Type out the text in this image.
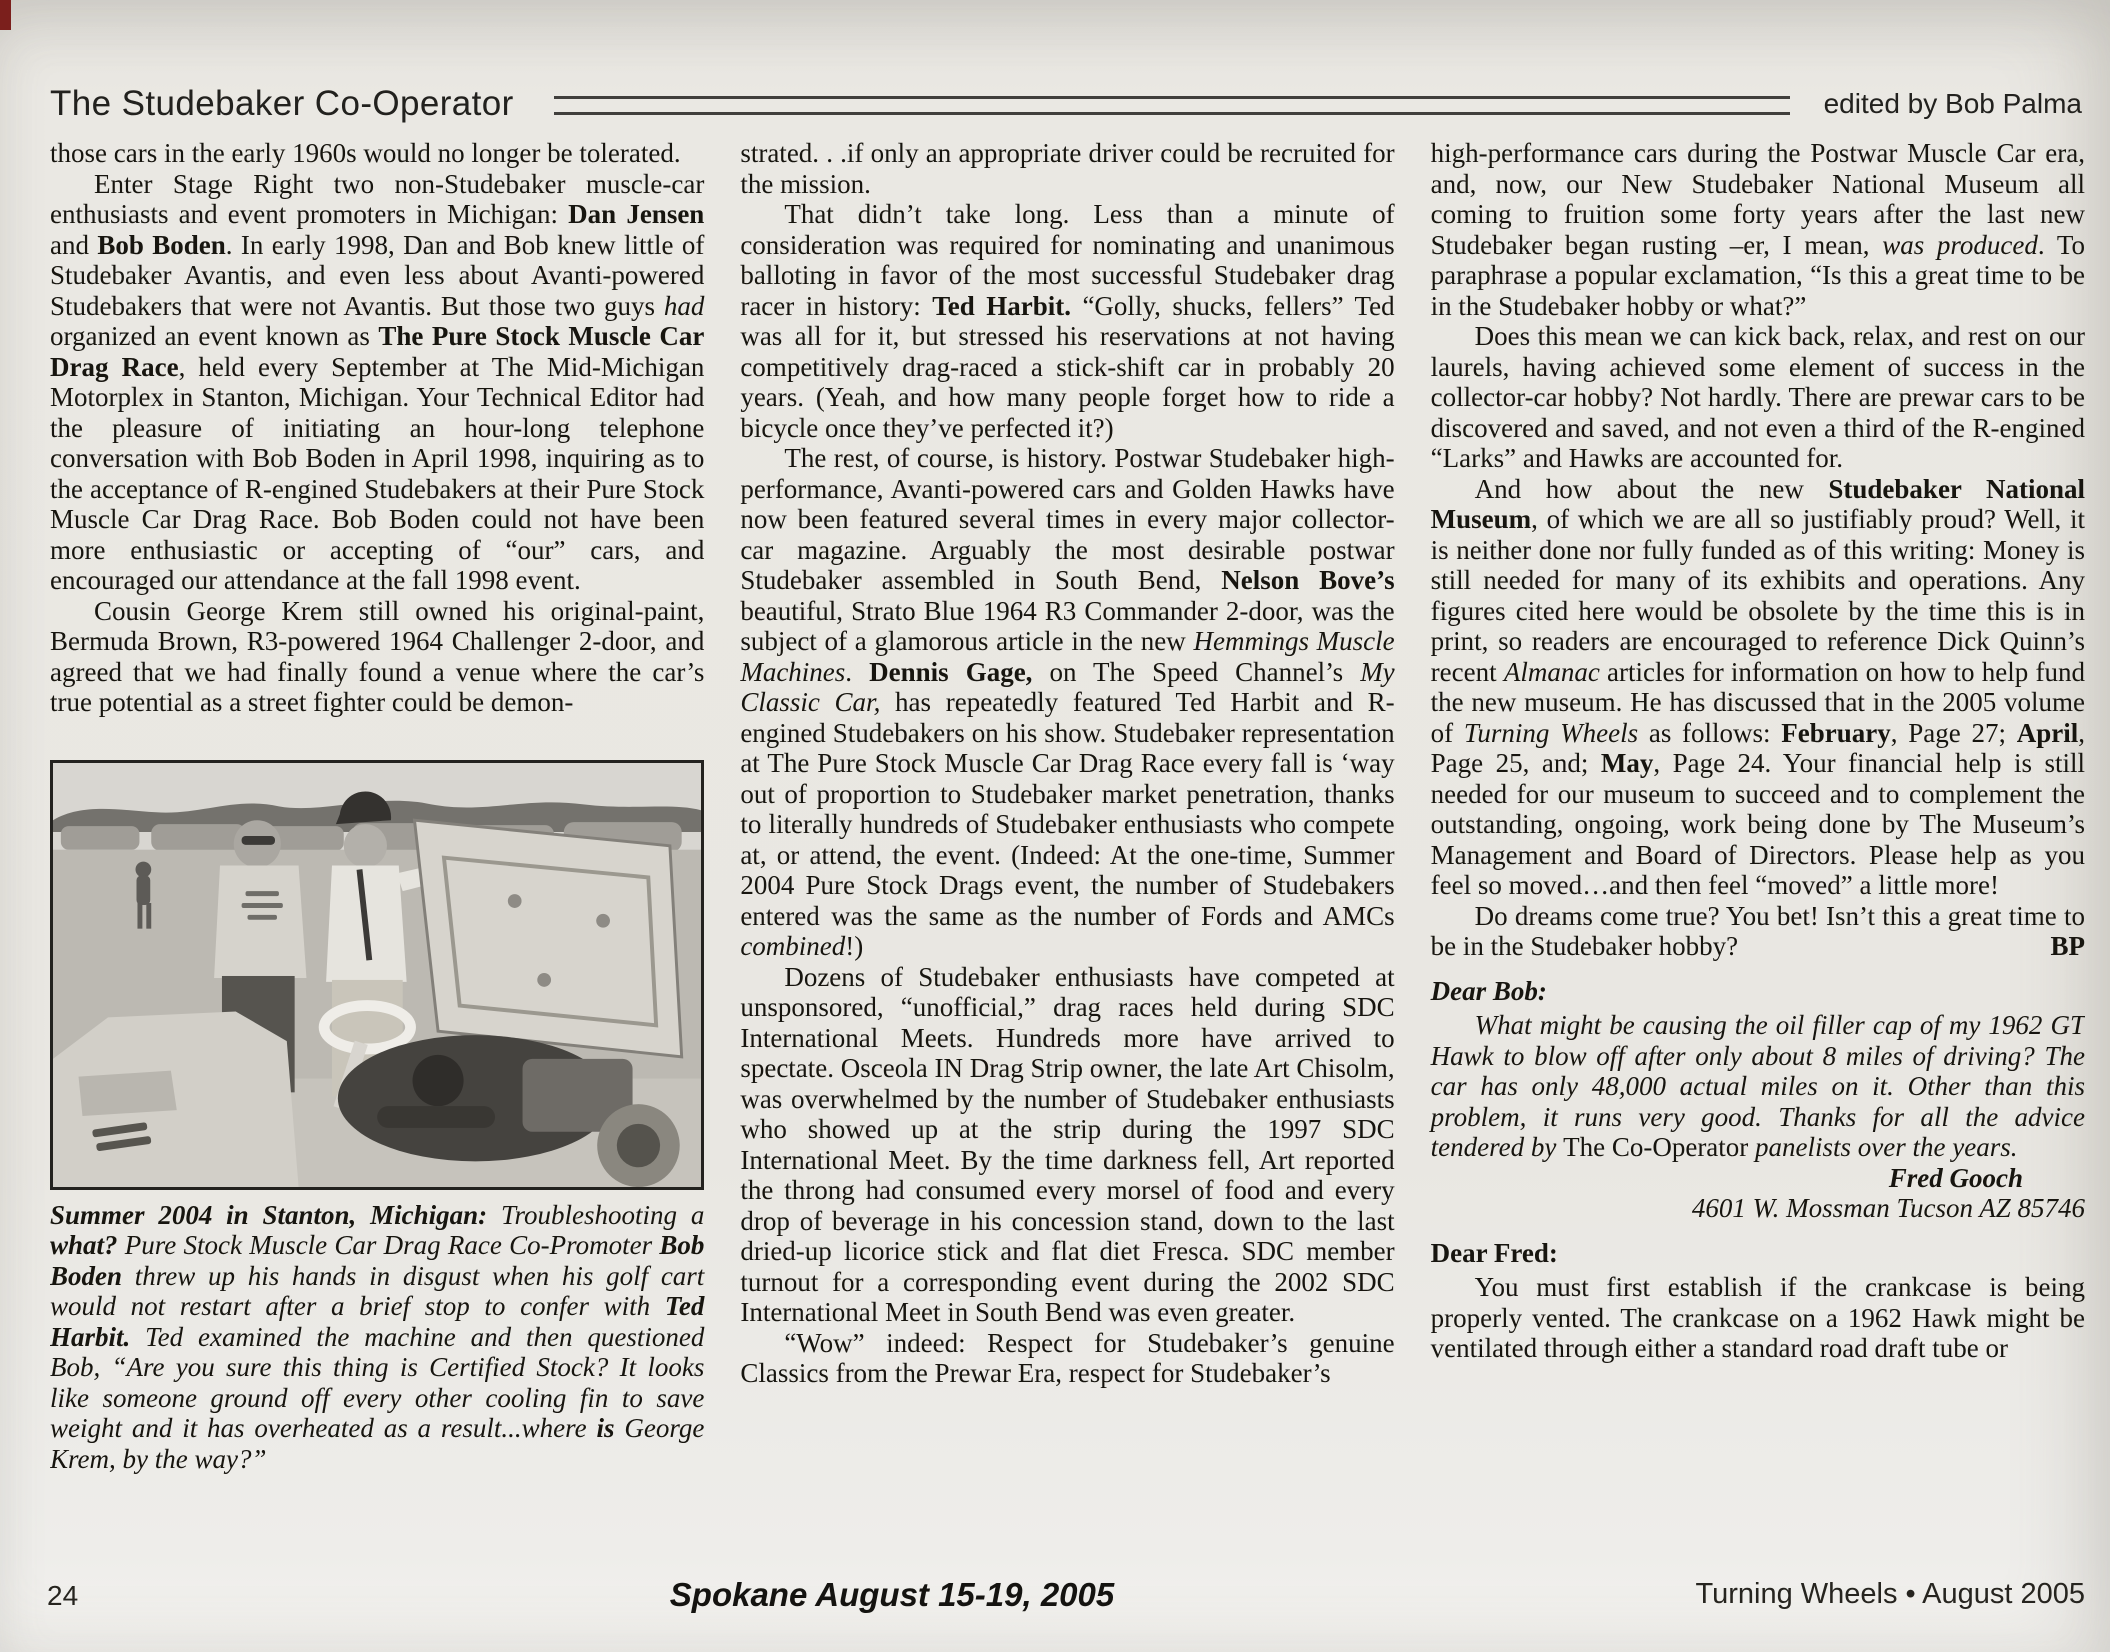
The Studebaker Co-Operator	edited by Bob Palma

those cars in the early 1960s would no longer be tolerated.

Enter Stage Right two non-Studebaker muscle-car enthusiasts and event promoters in Michigan: Dan Jensen and Bob Boden. In early 1998, Dan and Bob knew little of Studebaker Avantis, and even less about Avanti-powered Studebakers that were not Avantis. But those two guys had organized an event known as The Pure Stock Muscle Car Drag Race, held every September at The Mid-Michigan Motorplex in Stanton, Michigan. Your Technical Editor had the pleasure of initiating an hour-long telephone conversation with Bob Boden in April 1998, inquiring as to the acceptance of R-engined Studebakers at their Pure Stock Muscle Car Drag Race. Bob Boden could not have been more enthusiastic or accepting of “our” cars, and encouraged our attendance at the fall 1998 event.

Cousin George Krem still owned his original-paint, Bermuda Brown, R3-powered 1964 Challenger 2-door, and agreed that we had finally found a venue where the car’s true potential as a street fighter could be demon-

Summer 2004 in Stanton, Michigan: Troubleshooting a what? Pure Stock Muscle Car Drag Race Co-Promoter Bob Boden threw up his hands in disgust when his golf cart would not restart after a brief stop to confer with Ted Harbit. Ted examined the machine and then questioned Bob, “Are you sure this thing is Certified Stock? It looks like someone ground off every other cooling fin to save weight and it has overheated as a result...where is George Krem, by the way?”

strated. . .if only an appropriate driver could be recruited for the mission.

That didn’t take long. Less than a minute of consideration was required for nominating and unanimous balloting in favor of the most successful Studebaker drag racer in history: Ted Harbit. “Golly, shucks, fellers” Ted was all for it, but stressed his reservations at not having competitively drag-raced a stick-shift car in probably 20 years. (Yeah, and how many people forget how to ride a bicycle once they’ve perfected it?)

The rest, of course, is history. Postwar Studebaker high-performance, Avanti-powered cars and Golden Hawks have now been featured several times in every major collector-car magazine. Arguably the most desirable postwar Studebaker assembled in South Bend, Nelson Bove’s beautiful, Strato Blue 1964 R3 Commander 2-door, was the subject of a glamorous article in the new Hemmings Muscle Machines. Dennis Gage, on The Speed Channel’s My Classic Car, has repeatedly featured Ted Harbit and R-engined Studebakers on his show. Studebaker representation at The Pure Stock Muscle Car Drag Race every fall is ‘way out of proportion to Studebaker market penetration, thanks to literally hundreds of Studebaker enthusiasts who compete at, or attend, the event. (Indeed: At the one-time, Summer 2004 Pure Stock Drags event, the number of Studebakers entered was the same as the number of Fords and AMCs combined!)

Dozens of Studebaker enthusiasts have competed at unsponsored, “unofficial,” drag races held during SDC International Meets. Hundreds more have arrived to spectate. Osceola IN Drag Strip owner, the late Art Chisolm, was overwhelmed by the number of Studebaker enthusiasts who showed up at the strip during the 1997 SDC International Meet. By the time darkness fell, Art reported the throng had consumed every morsel of food and every drop of beverage in his concession stand, down to the last dried-up licorice stick and flat diet Fresca. SDC member turnout for a corresponding event during the 2002 SDC International Meet in South Bend was even greater.

“Wow” indeed: Respect for Studebaker’s genuine Classics from the Prewar Era, respect for Studebaker’s

high-performance cars during the Postwar Muscle Car era, and, now, our New Studebaker National Museum all coming to fruition some forty years after the last new Studebaker began rusting –er, I mean, was produced. To paraphrase a popular exclamation, “Is this a great time to be in the Studebaker hobby or what?”

Does this mean we can kick back, relax, and rest on our laurels, having achieved some element of success in the collector-car hobby? Not hardly. There are prewar cars to be discovered and saved, and not even a third of the R-engined “Larks” and Hawks are accounted for.

And how about the new Studebaker National Museum, of which we are all so justifiably proud? Well, it is neither done nor fully funded as of this writing: Money is still needed for many of its exhibits and operations. Any figures cited here would be obsolete by the time this is in print, so readers are encouraged to reference Dick Quinn’s recent Almanac articles for information on how to help fund the new museum. He has discussed that in the 2005 volume of Turning Wheels as follows: February, Page 27; April, Page 25, and; May, Page 24. Your financial help is still needed for our museum to succeed and to complement the outstanding, ongoing, work being done by The Museum’s Management and Board of Directors. Please help as you feel so moved…and then feel “moved” a little more!

Do dreams come true? You bet! Isn’t this a great time to be in the Studebaker hobby?	BP

Dear Bob:

What might be causing the oil filler cap of my 1962 GT Hawk to blow off after only about 8 miles of driving? The car has only 48,000 actual miles on it. Other than this problem, it runs very good. Thanks for all the advice tendered by The Co-Operator panelists over the years.

Fred Gooch

4601 W. Mossman Tucson AZ 85746

Dear Fred:

You must first establish if the crankcase is being properly vented. The crankcase on a 1962 Hawk might be ventilated through either a standard road draft tube or

24	Spokane August 15-19, 2005	Turning Wheels • August 2005
